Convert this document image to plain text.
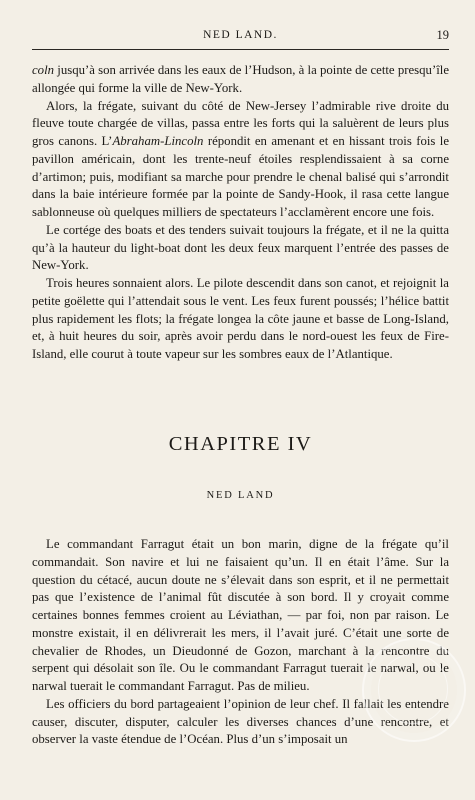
NED LAND.	19

coln jusqu’à son arrivée dans les eaux de l’Hudson, à la pointe de cette presqu’île allongée qui forme la ville de New-York.

Alors, la frégate, suivant du côté de New-Jersey l’admirable rive droite du fleuve toute chargée de villas, passa entre les forts qui la saluèrent de leurs plus gros canons. L’Abraham-Lincoln répondit en amenant et en hissant trois fois le pavillon américain, dont les trente-neuf étoiles resplendissaient à sa corne d’artimon; puis, modifiant sa marche pour prendre le chenal balisé qui s’arrondit dans la baie intérieure formée par la pointe de Sandy-Hook, il rasa cette langue sablonneuse où quelques milliers de spectateurs l’acclamèrent encore une fois.

Le cortége des boats et des tenders suivait toujours la frégate, et il ne la quitta qu’à la hauteur du light-boat dont les deux feux marquent l’entrée des passes de New-York.

Trois heures sonnaient alors. Le pilote descendit dans son canot, et rejoignit la petite goëlette qui l’attendait sous le vent. Les feux furent poussés; l’hélice battit plus rapidement les flots; la frégate longea la côte jaune et basse de Long-Island, et, à huit heures du soir, après avoir perdu dans le nord-ouest les feux de Fire-Island, elle courut à toute vapeur sur les sombres eaux de l’Atlantique.

CHAPITRE IV
NED LAND

Le commandant Farragut était un bon marin, digne de la frégate qu’il commandait. Son navire et lui ne faisaient qu’un. Il en était l’âme. Sur la question du cétacé, aucun doute ne s’élevait dans son esprit, et il ne permettait pas que l’existence de l’animal fût discutée à son bord. Il y croyait comme certaines bonnes femmes croient au Léviathan, — par foi, non par raison. Le monstre existait, il en délivrerait les mers, il l’avait juré. C’était une sorte de chevalier de Rhodes, un Dieudonné de Gozon, marchant à la rencontre du serpent qui désolait son île. Ou le commandant Farragut tuerait le narwal, ou le narwal tuerait le commandant Farragut. Pas de milieu.

Les officiers du bord partageaient l’opinion de leur chef. Il fallait les entendre causer, discuter, disputer, calculer les diverses chances d’une rencontre, et observer la vaste étendue de l’Océan. Plus d’un s’imposait un
